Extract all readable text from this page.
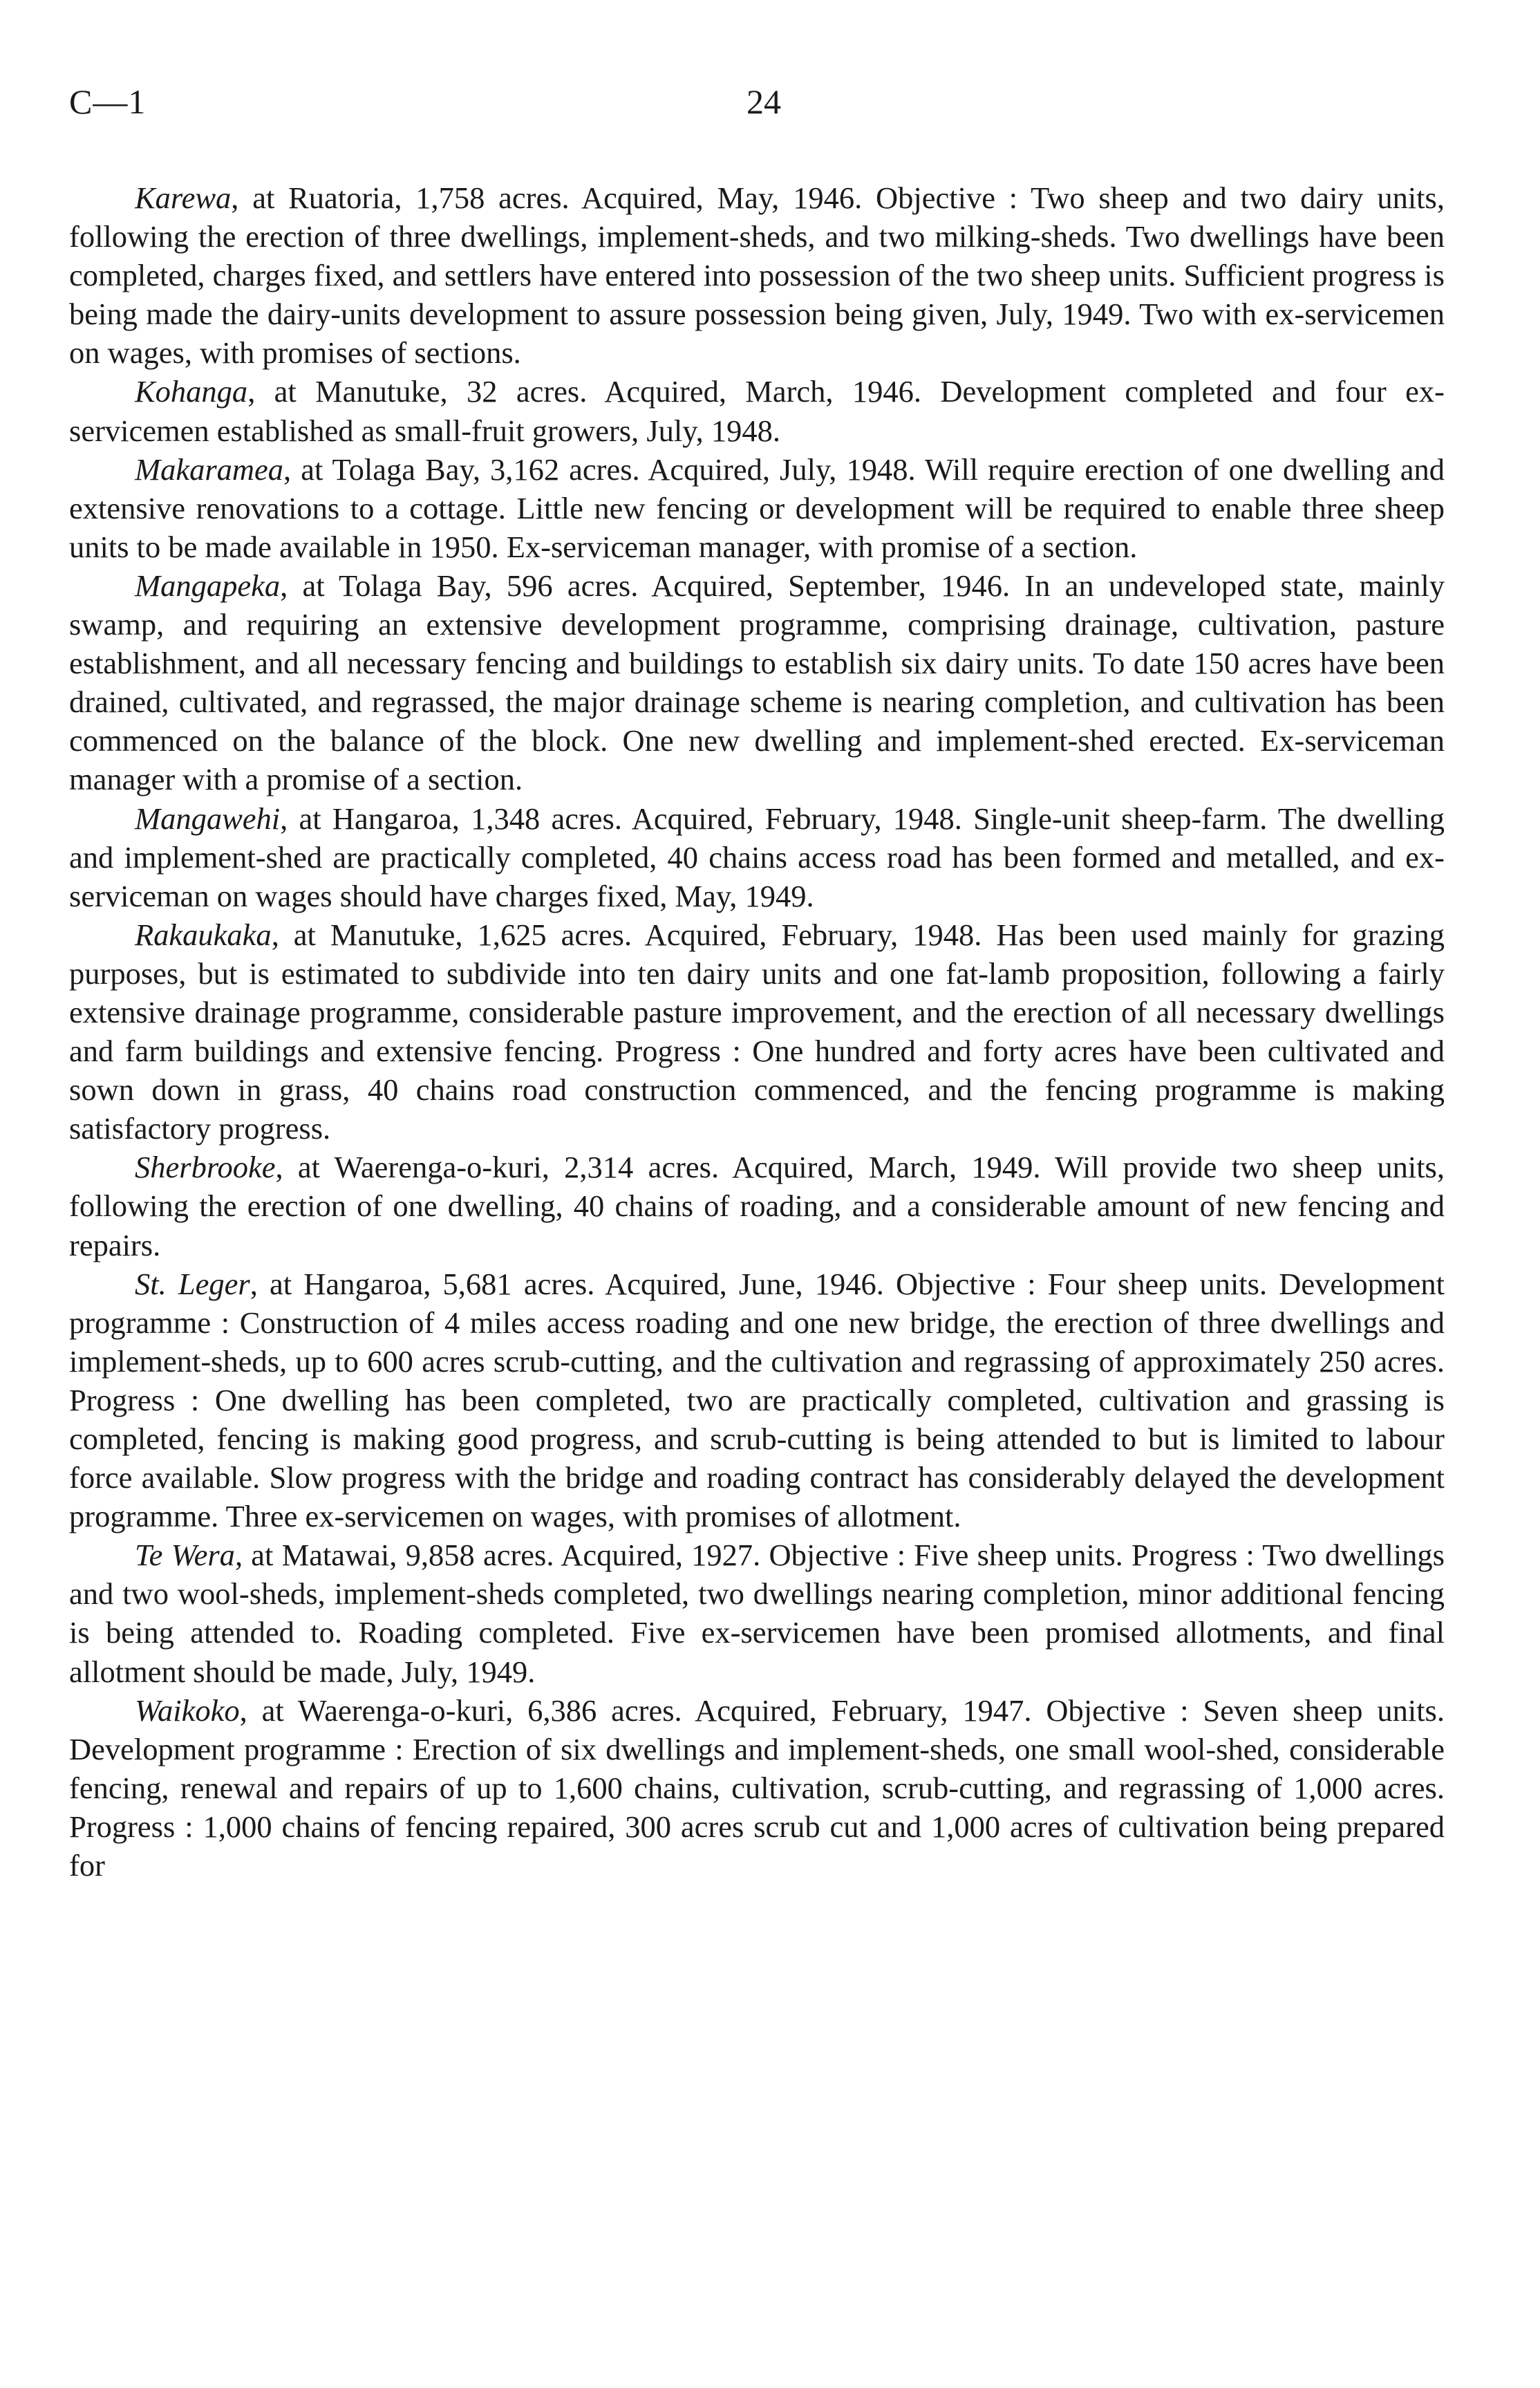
C—1	24

Karewa, at Ruatoria, 1,758 acres. Acquired, May, 1946. Objective : Two sheep and two dairy units, following the erection of three dwellings, implement-sheds, and two milking-sheds. Two dwellings have been completed, charges fixed, and settlers have entered into possession of the two sheep units. Sufficient progress is being made the dairy-units development to assure possession being given, July, 1949. Two with ex-servicemen on wages, with promises of sections.

Kohanga, at Manutuke, 32 acres. Acquired, March, 1946. Development completed and four ex-servicemen established as small-fruit growers, July, 1948.

Makaramea, at Tolaga Bay, 3,162 acres. Acquired, July, 1948. Will require erection of one dwelling and extensive renovations to a cottage. Little new fencing or development will be required to enable three sheep units to be made available in 1950. Ex-serviceman manager, with promise of a section.

Mangapeka, at Tolaga Bay, 596 acres. Acquired, September, 1946. In an undeveloped state, mainly swamp, and requiring an extensive development programme, comprising drainage, cultivation, pasture establishment, and all necessary fencing and buildings to establish six dairy units. To date 150 acres have been drained, cultivated, and regrassed, the major drainage scheme is nearing completion, and cultivation has been commenced on the balance of the block. One new dwelling and implement-shed erected. Ex-serviceman manager with a promise of a section.

Mangawehi, at Hangaroa, 1,348 acres. Acquired, February, 1948. Single-unit sheep-farm. The dwelling and implement-shed are practically completed, 40 chains access road has been formed and metalled, and ex-serviceman on wages should have charges fixed, May, 1949.

Rakaukaka, at Manutuke, 1,625 acres. Acquired, February, 1948. Has been used mainly for grazing purposes, but is estimated to subdivide into ten dairy units and one fat-lamb proposition, following a fairly extensive drainage programme, considerable pasture improvement, and the erection of all necessary dwellings and farm buildings and extensive fencing. Progress : One hundred and forty acres have been cultivated and sown down in grass, 40 chains road construction commenced, and the fencing programme is making satisfactory progress.

Sherbrooke, at Waerenga-o-kuri, 2,314 acres. Acquired, March, 1949. Will provide two sheep units, following the erection of one dwelling, 40 chains of roading, and a considerable amount of new fencing and repairs.

St. Leger, at Hangaroa, 5,681 acres. Acquired, June, 1946. Objective : Four sheep units. Development programme : Construction of 4 miles access roading and one new bridge, the erection of three dwellings and implement-sheds, up to 600 acres scrub-cutting, and the cultivation and regrassing of approximately 250 acres. Progress : One dwelling has been completed, two are practically completed, cultivation and grassing is completed, fencing is making good progress, and scrub-cutting is being attended to but is limited to labour force available. Slow progress with the bridge and roading contract has considerably delayed the development programme. Three ex-servicemen on wages, with promises of allotment.

Te Wera, at Matawai, 9,858 acres. Acquired, 1927. Objective : Five sheep units. Progress : Two dwellings and two wool-sheds, implement-sheds completed, two dwellings nearing completion, minor additional fencing is being attended to. Roading completed. Five ex-servicemen have been promised allotments, and final allotment should be made, July, 1949.

Waikoko, at Waerenga-o-kuri, 6,386 acres. Acquired, February, 1947. Objective : Seven sheep units. Development programme : Erection of six dwellings and implement-sheds, one small wool-shed, considerable fencing, renewal and repairs of up to 1,600 chains, cultivation, scrub-cutting, and regrassing of 1,000 acres. Progress : 1,000 chains of fencing repaired, 300 acres scrub cut and 1,000 acres of cultivation being prepared for
